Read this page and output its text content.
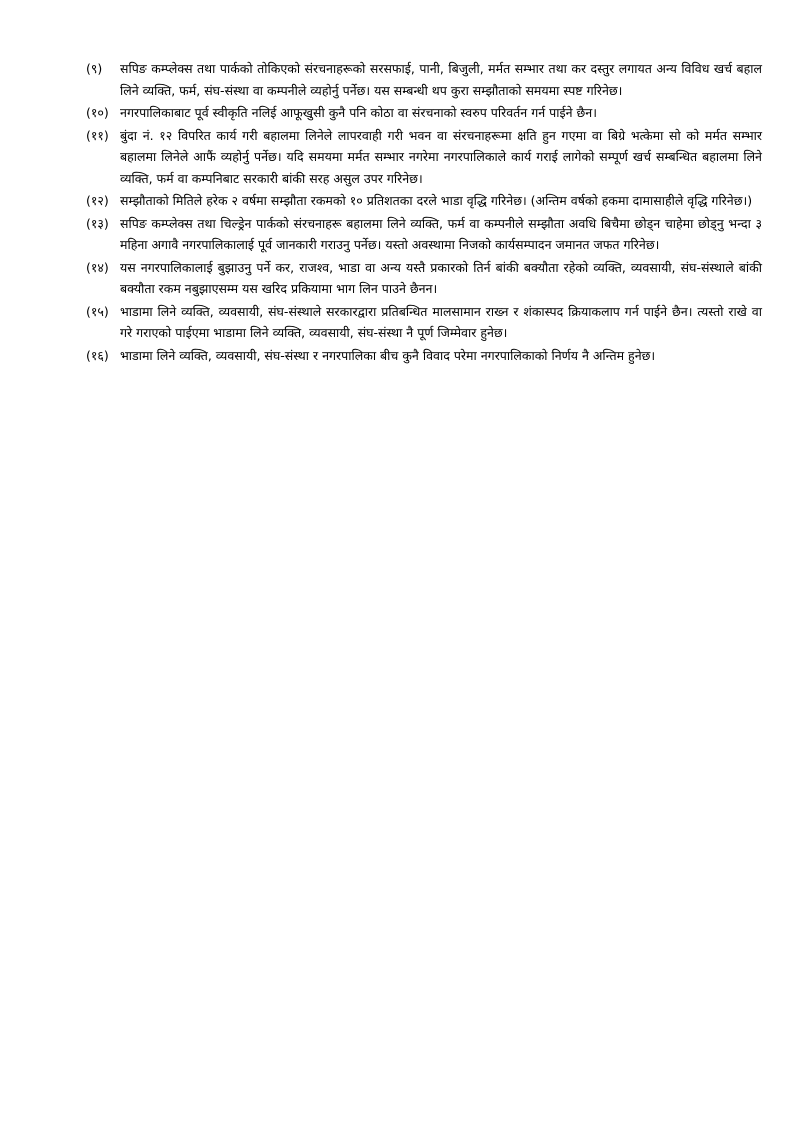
(९)	सपिङ कम्प्लेक्स तथा पार्कको तोकिएको संरचनाहरूको सरसफाई, पानी, बिजुली, मर्मत सम्भार तथा कर दस्तुर लगायत अन्य विविध खर्च बहाल लिने व्यक्ति, फर्म, संघ-संस्था वा कम्पनीले व्यहोर्नु पर्नेछ। यस सम्बन्धी थप कुरा सम्झौताको समयमा स्पष्ट गरिनेछ।
(१०) नगरपालिकाबाट पूर्व स्वीकृति नलिई आफूखुसी कुनै पनि कोठा वा संरचनाको स्वरुप परिवर्तन गर्न पाईने छैन।
(११) बुंदा नं. १२ विपरित कार्य गरी बहालमा लिनेले लापरवाही गरी भवन वा संरचनाहरूमा क्षति हुन गएमा वा बिग्रे भत्केमा सो को मर्मत सम्भार बहालमा लिनेले आफैं व्यहोर्नु पर्नेछ। यदि समयमा मर्मत सम्भार नगरेमा नगरपालिकाले कार्य गराई लागेको सम्पूर्ण खर्च सम्बन्धित बहालमा लिने व्यक्ति, फर्म वा कम्पनिबाट सरकारी बांकी सरह असुल उपर गरिनेछ।
(१२) सम्झौताको मितिले हरेक २ वर्षमा सम्झौता रकमको १० प्रतिशतका दरले भाडा वृद्धि गरिनेछ। (अन्तिम वर्षको हकमा दामासाहीले वृद्धि गरिनेछ।)
(१३) सपिङ कम्प्लेक्स तथा चिल्ड्रेन पार्कको संरचनाहरू बहालमा लिने व्यक्ति, फर्म वा कम्पनीले सम्झौता अवधि बिचैमा छोड्न चाहेमा छोड्नु भन्दा ३ महिना अगावै नगरपालिकालाई पूर्व जानकारी गराउनु पर्नेछ। यस्तो अवस्थामा निजको कार्यसम्पादन जमानत जफत गरिनेछ।
(१४) यस नगरपालिकालाई बुझाउनु पर्ने कर, राजश्व, भाडा वा अन्य यस्तै प्रकारको तिर्न बांकी बक्यौता रहेको व्यक्ति, व्यवसायी, संघ-संस्थाले बांकी बक्यौता रकम नबुझाएसम्म यस खरिद प्रकियामा भाग लिन पाउने छैनन।
(१५) भाडामा लिने व्यक्ति, व्यवसायी, संघ-संस्थाले सरकारद्वारा प्रतिबन्धित मालसामान राख्न र शंकास्पद क्रियाकलाप गर्न पाईने छैन। त्यस्तो राखे वा गरे गराएको पाईएमा भाडामा लिने व्यक्ति, व्यवसायी, संघ-संस्था नै पूर्ण जिम्मेवार हुनेछ।
(१६) भाडामा लिने व्यक्ति, व्यवसायी, संघ-संस्था र नगरपालिका बीच कुनै विवाद परेमा नगरपालिकाको निर्णय नै अन्तिम हुनेछ।
